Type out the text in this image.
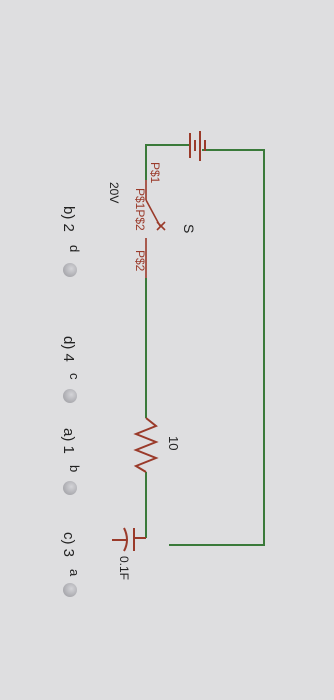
S
P$1
P$1P$2
P$2
20V
10
0.1F
b) 2
d
d) 4
c
a) 1
b
c) 3
a
